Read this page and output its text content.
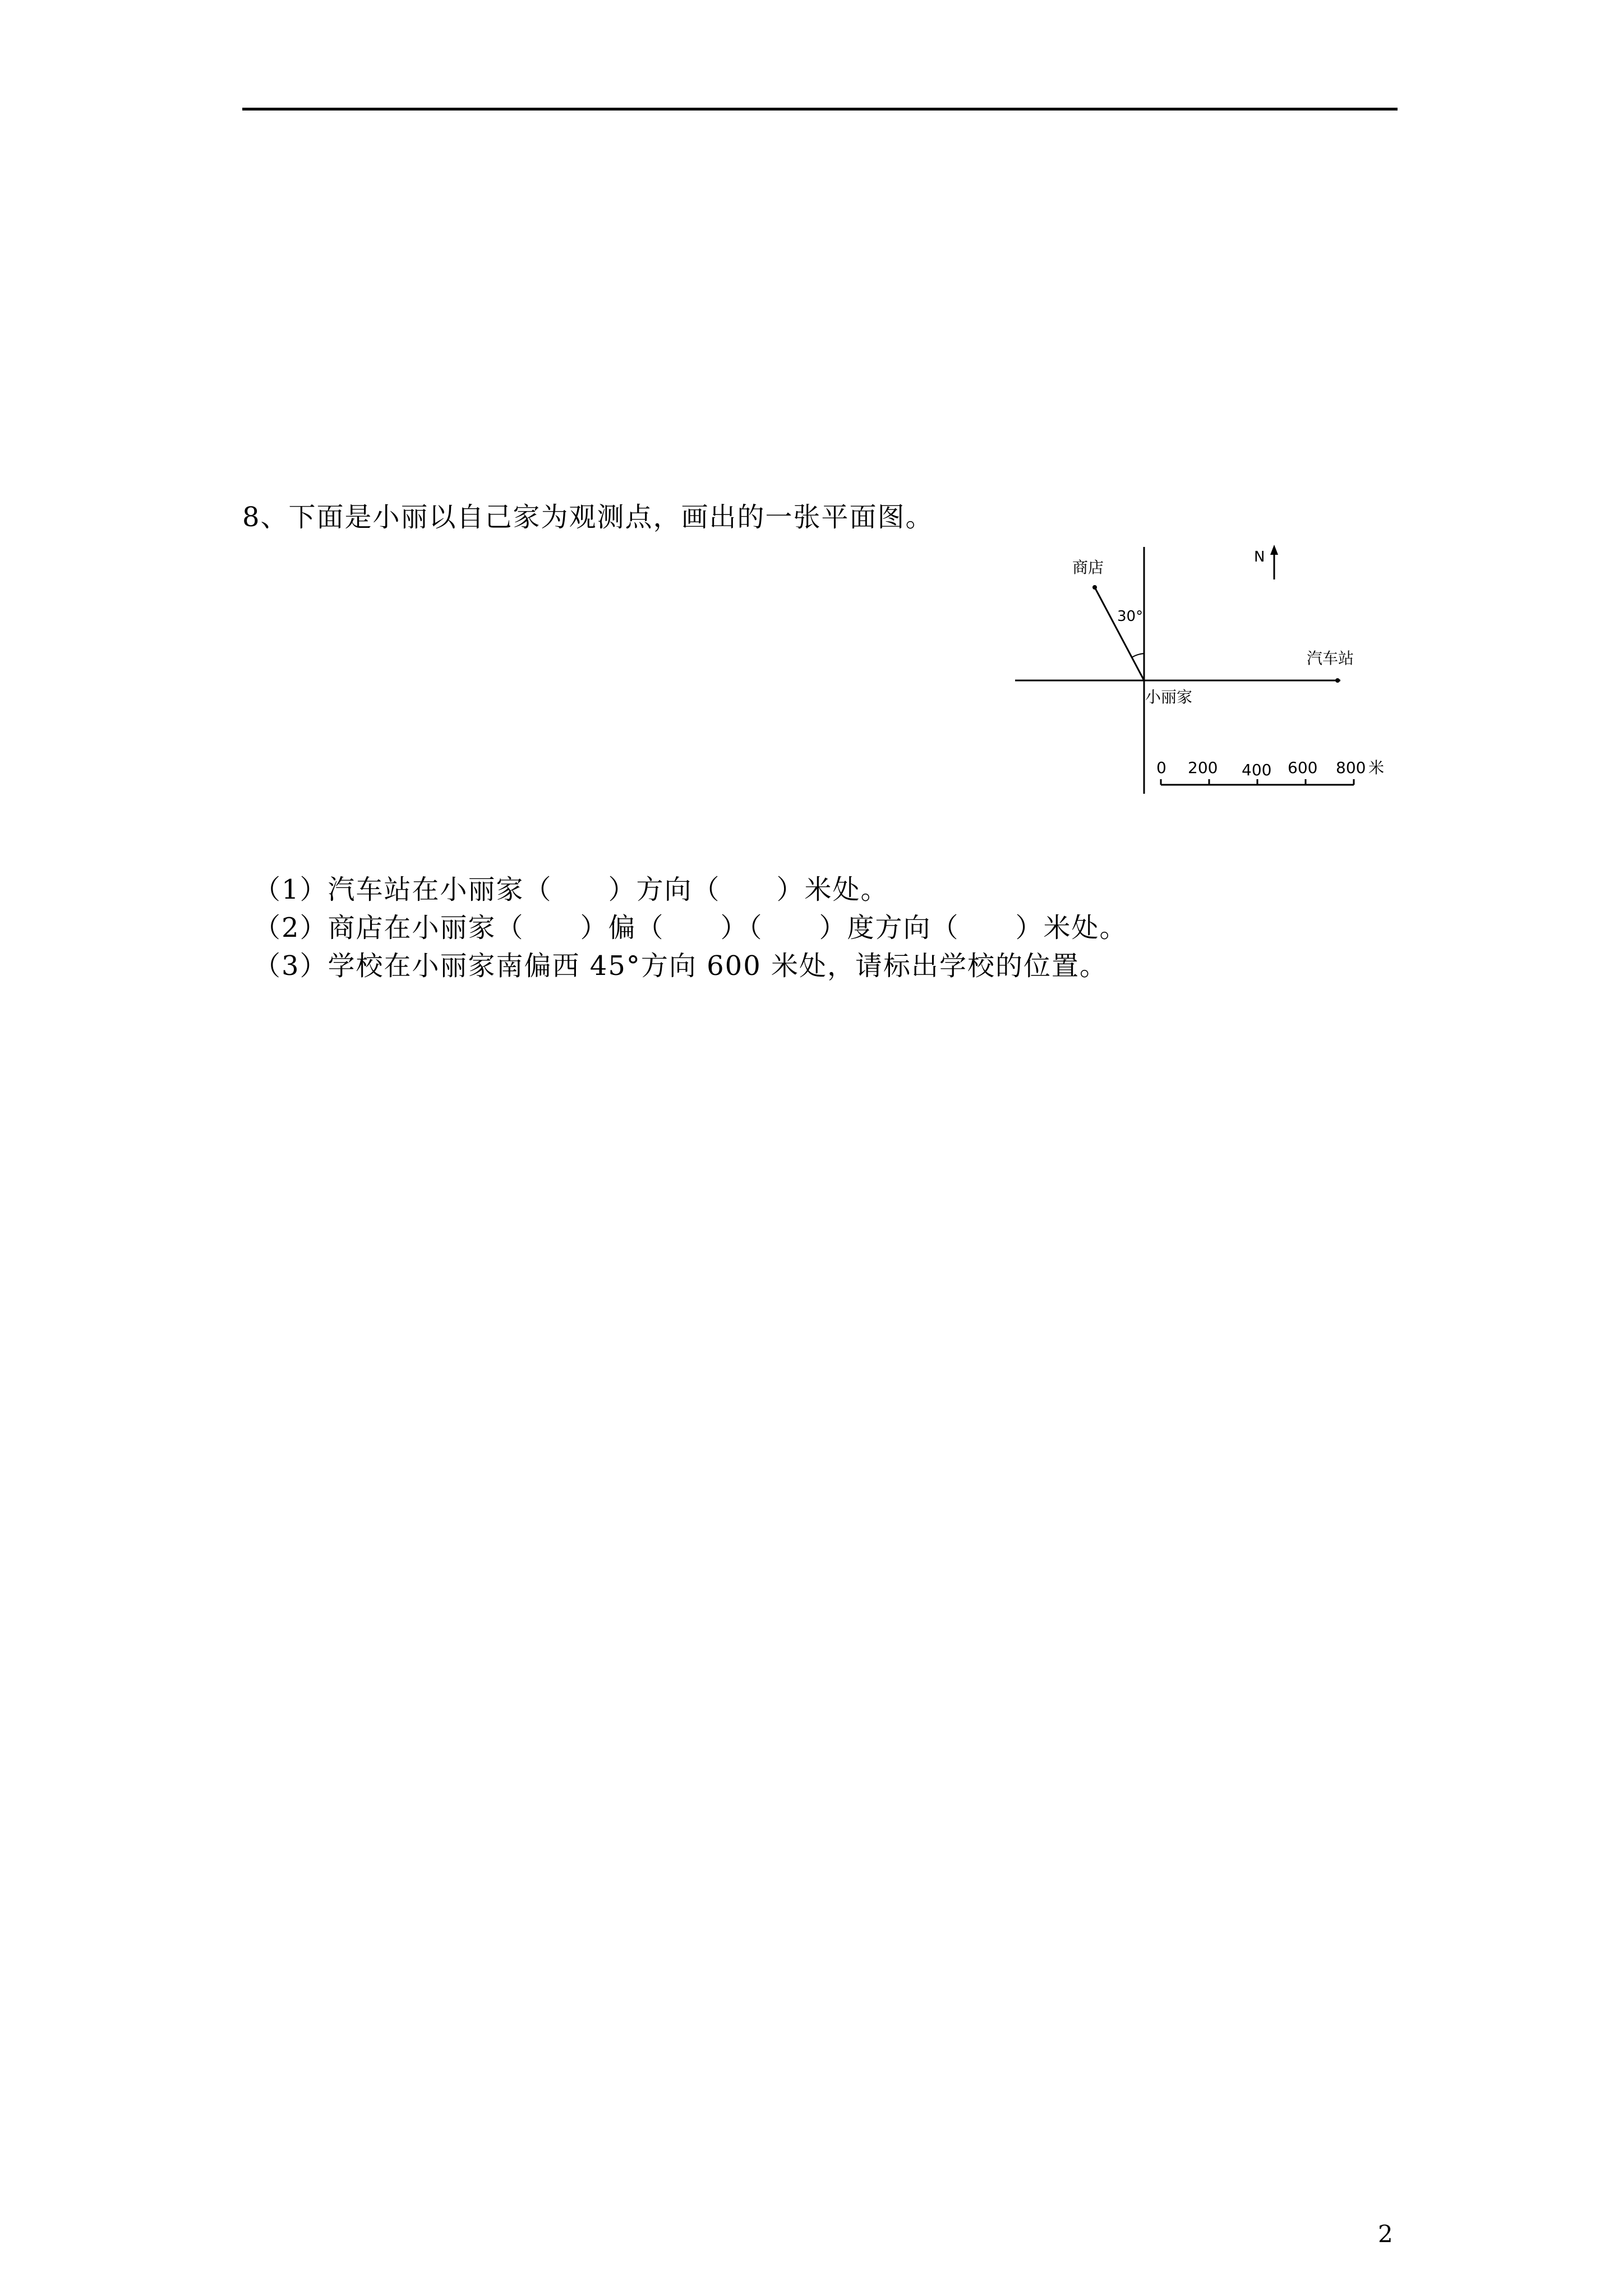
8、下面是小丽以自己家为观测点，画出的一张平面图。
N
商店
30°
汽车站
小丽家
0 200 400 600 800 米
（1）汽车站在小丽家（　　）方向（　　）米处。
（2）商店在小丽家（　　）偏（　　）（　　）度方向（　　）米处。
（3）学校在小丽家南偏西 45°方向 600 米处，请标出学校的位置。
2
